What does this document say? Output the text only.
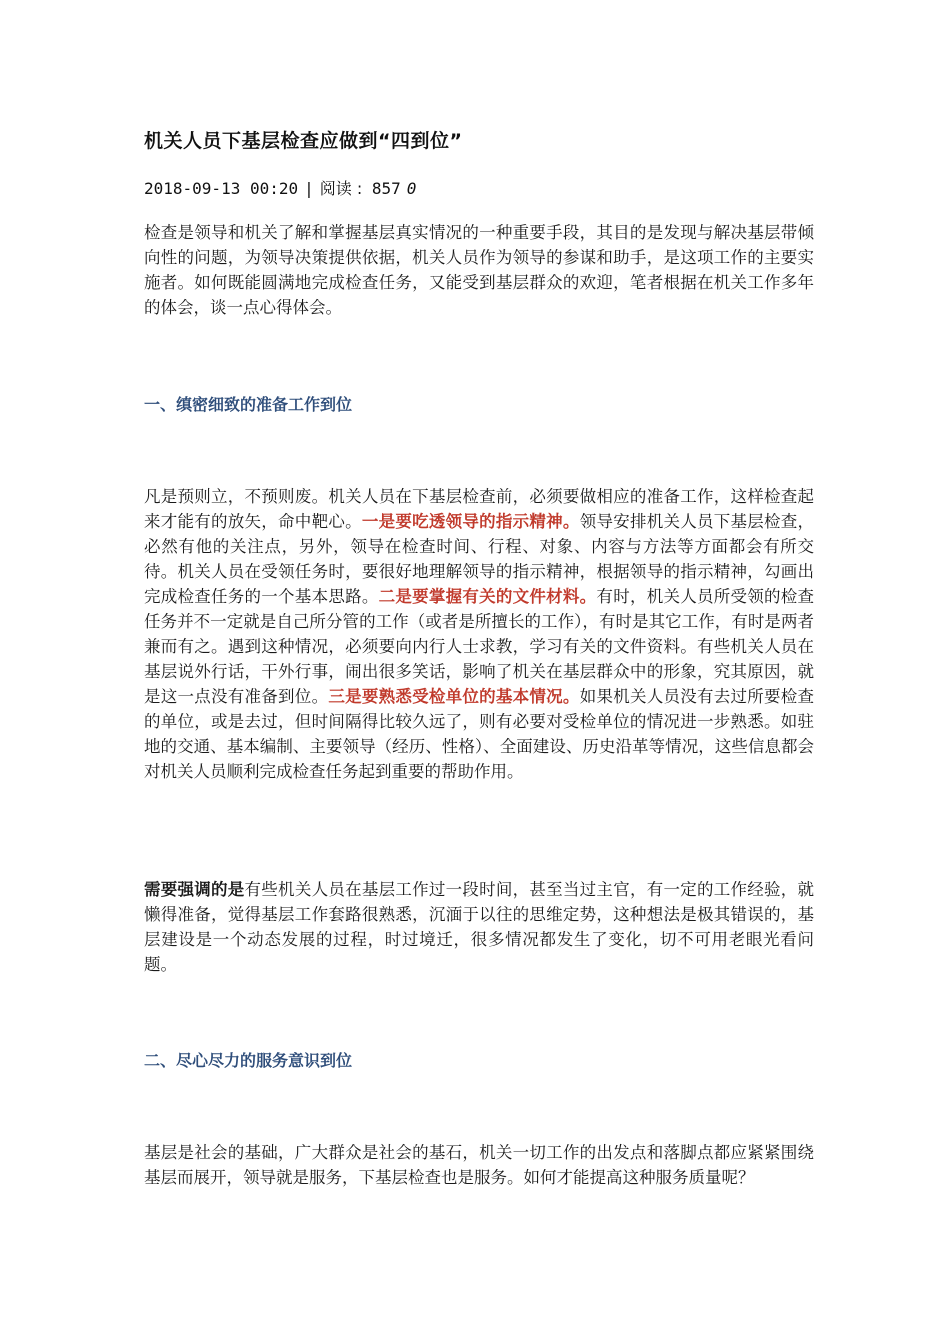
机关人员下基层检查应做到“四到位”
2018-09-13 00:20 | 阅读 : 857 0

检查是领导和机关了解和掌握基层真实情况的一种重要手段，其目的是发现与解决基层带倾向性的问题，为领导决策提供依据，机关人员作为领导的参谋和助手，是这项工作的主要实施者。如何既能圆满地完成检查任务，又能受到基层群众的欢迎，笔者根据在机关工作多年的体会，谈一点心得体会。

一、缜密细致的准备工作到位

凡是预则立，不预则废。机关人员在下基层检查前，必须要做相应的准备工作，这样检查起来才能有的放矢，命中靶心。一是要吃透领导的指示精神。领导安排机关人员下基层检查，必然有他的关注点，另外，领导在检查时间、行程、对象、内容与方法等方面都会有所交待。机关人员在受领任务时，要很好地理解领导的指示精神，根据领导的指示精神，勾画出完成检查任务的一个基本思路。二是要掌握有关的文件材料。有时，机关人员所受领的检查任务并不一定就是自己所分管的工作（或者是所擅长的工作），有时是其它工作，有时是两者兼而有之。遇到这种情况，必须要向内行人士求教，学习有关的文件资料。有些机关人员在基层说外行话，干外行事，闹出很多笑话，影响了机关在基层群众中的形象，究其原因，就是这一点没有准备到位。三是要熟悉受检单位的基本情况。如果机关人员没有去过所要检查的单位，或是去过，但时间隔得比较久远了，则有必要对受检单位的情况进一步熟悉。如驻地的交通、基本编制、主要领导（经历、性格）、全面建设、历史沿革等情况，这些信息都会对机关人员顺利完成检查任务起到重要的帮助作用。

需要强调的是有些机关人员在基层工作过一段时间，甚至当过主官，有一定的工作经验，就懒得准备，觉得基层工作套路很熟悉，沉湎于以往的思维定势，这种想法是极其错误的，基层建设是一个动态发展的过程，时过境迁，很多情况都发生了变化，切不可用老眼光看问题。

二、尽心尽力的服务意识到位

基层是社会的基础，广大群众是社会的基石，机关一切工作的出发点和落脚点都应紧紧围绕基层而展开，领导就是服务，下基层检查也是服务。如何才能提高这种服务质量呢？
